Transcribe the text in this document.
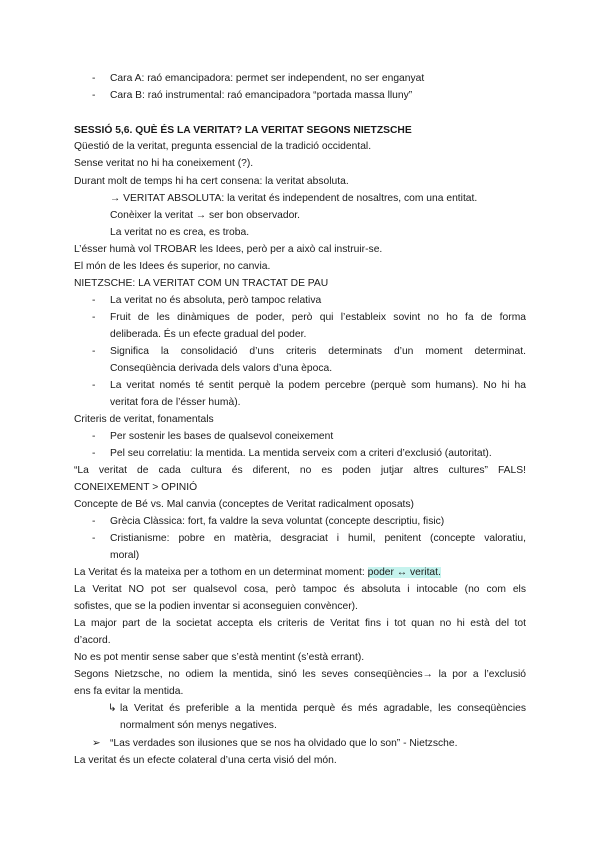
- Cara A: raó emancipadora: permet ser independent, no ser enganyat
- Cara B: raó instrumental: raó emancipadora “portada massa lluny”
SESSIÓ 5,6. QUÈ ÉS LA VERITAT? LA VERITAT SEGONS NIETZSCHE
Qüestió de la veritat, pregunta essencial de la tradició occidental.
Sense veritat no hi ha coneixement (?).
Durant molt de temps hi ha cert consena: la veritat absoluta.
→ VERITAT ABSOLUTA: la veritat és independent de nosaltres, com una entitat.
Conèixer la veritat → ser bon observador.
La veritat no es crea, es troba.
L’ésser humà vol TROBAR les Idees, però per a això cal instruir-se.
El món de les Idees és superior, no canvia.
NIETZSCHE: LA VERITAT COM UN TRACTAT DE PAU
- La veritat no és absoluta, però tampoc relativa
- Fruit de les dinàmiques de poder, però qui l’estableix sovint no ho fa de forma
deliberada. És un efecte gradual del poder.
- Significa la consolidació d’uns criteris determinats d’un moment determinat.
Conseqüència derivada dels valors d’una època.
- La veritat només té sentit perquè la podem percebre (perquè som humans). No hi ha
veritat fora de l’ésser humà).
Criteris de veritat, fonamentals
- Per sostenir les bases de qualsevol coneixement
- Pel seu correlatiu: la mentida. La mentida serveix com a criteri d’exclusió (autoritat).
“La veritat de cada cultura és diferent, no es poden jutjar altres cultures” FALS!
CONEIXEMENT > OPINIÓ
Concepte de Bé vs. Mal canvia (conceptes de Veritat radicalment oposats)
- Grècia Clàssica: fort, fa valdre la seva voluntat (concepte descriptiu, fisic)
- Cristianisme: pobre en matèria, desgraciat i humil, penitent (concepte valoratiu,
moral)
La Veritat és la mateixa per a tothom en un determinat moment: poder ↔ veritat.
La Veritat NO pot ser qualsevol cosa, però tampoc és absoluta i intocable (no com els
sofistes, que se la podien inventar si aconseguien convèncer).
La major part de la societat accepta els criteris de Veritat fins i tot quan no hi està del tot
d’acord.
No es pot mentir sense saber que s’està mentint (s’està errant).
Segons Nietzsche, no odiem la mentida, sinó les seves conseqüències→ la por a l’exclusió
ens fa evitar la mentida.
↳ la Veritat és preferible a la mentida perquè és més agradable, les conseqüències
normalment són menys negatives.
➢ “Las verdades son ilusiones que se nos ha olvidado que lo son” - Nietzsche.
La veritat és un efecte colateral d’una certa visió del món.
